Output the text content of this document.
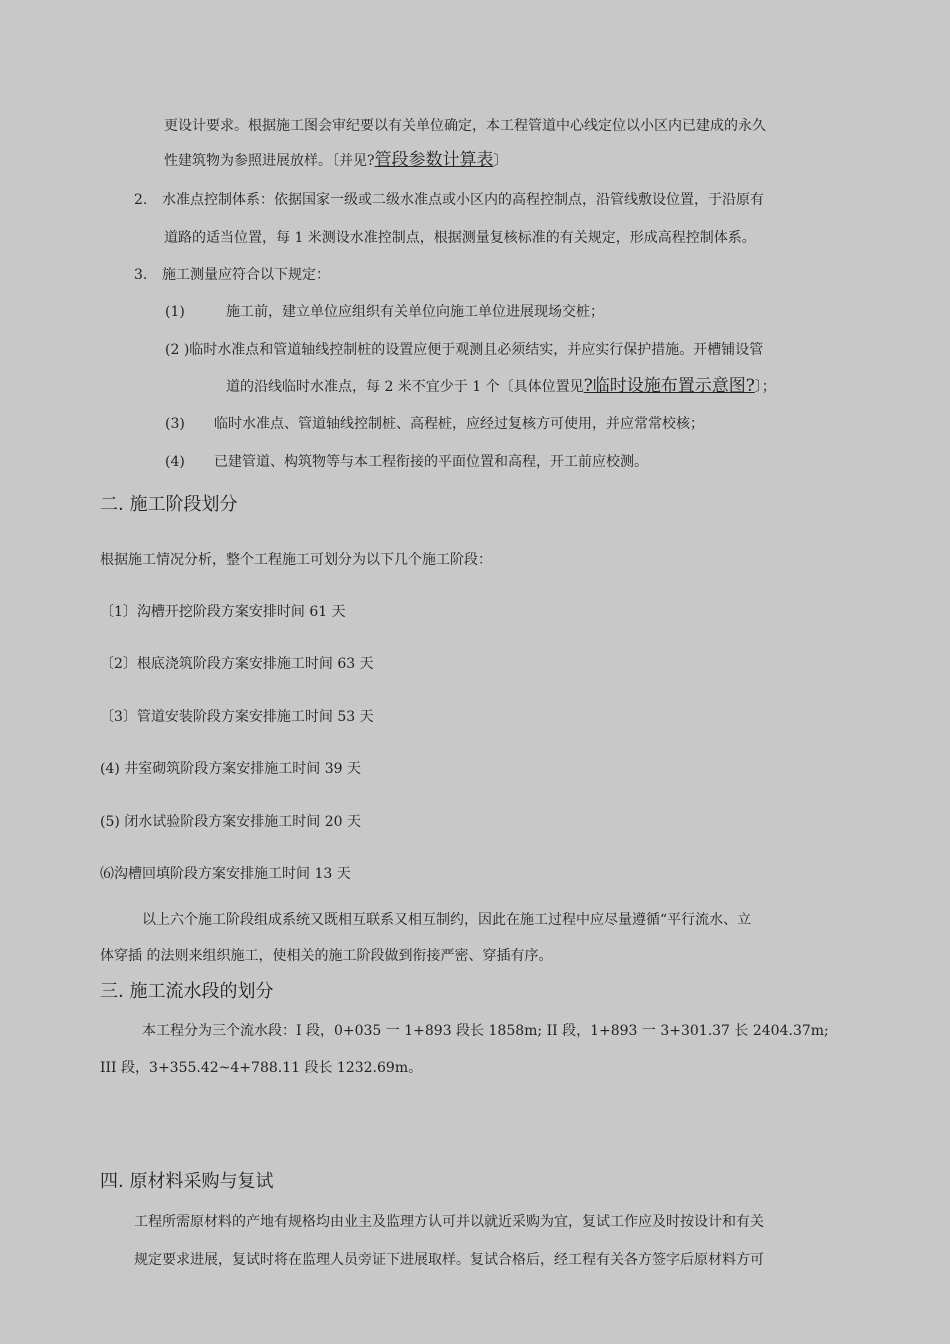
更设计要求。根据施工图会审纪要以有关单位确定，本工程管道中心线定位以小区内已建成的永久
性建筑物为参照进展放样。〔并见?管段参数计算表〕
2. 水准点控制体系：依据国家一级或二级水准点或小区内的高程控制点，沿管线敷设位置，于沿原有
道路的适当位置，每 1 米测设水准控制点，根据测量复核标准的有关规定，形成高程控制体系。
3. 施工测量应符合以下规定：
(1)	施工前，建立单位应组织有关单位向施工单位进展现场交桩；
(2 )临时水准点和管道轴线控制桩的设置应便于观测且必须结实，并应实行保护措施。开槽铺设管
道的沿线临时水准点，每 2 米不宜少于 1 个〔具体位置见?临时设施布置示意图?〕；
(3) 临时水准点、管道轴线控制桩、高程桩，应经过复核方可使用，并应常常校核；
(4) 已建管道、构筑物等与本工程衔接的平面位置和高程，开工前应校测。
二. 施工阶段划分
根据施工情况分析，整个工程施工可划分为以下几个施工阶段：
〔1〕沟槽开挖阶段方案安排时间 61 天
〔2〕根底浇筑阶段方案安排施工时间 63 天
〔3〕管道安装阶段方案安排施工时间 53 天
(4) 井室砌筑阶段方案安排施工时间 39 天
(5) 闭水试验阶段方案安排施工时间 20 天
⑹沟槽回填阶段方案安排施工时间 13 天
以上六个施工阶段组成系统又既相互联系又相互制约，因此在施工过程中应尽量遵循“平行流水、立
体穿插 的法则来组织施工，使相关的施工阶段做到衔接严密、穿插有序。
三. 施工流水段的划分
本工程分为三个流水段：I 段，0+035 一 1+893 段长 1858m; II 段，1+893 一 3+301.37 长 2404.37m;
III 段，3+355.42~4+788.11 段长 1232.69m。
四. 原材料采购与复试
工程所需原材料的产地有规格均由业主及监理方认可并以就近采购为宜，复试工作应及时按设计和有关
规定要求进展，复试时将在监理人员旁证下进展取样。复试合格后，经工程有关各方签字后原材料方可
